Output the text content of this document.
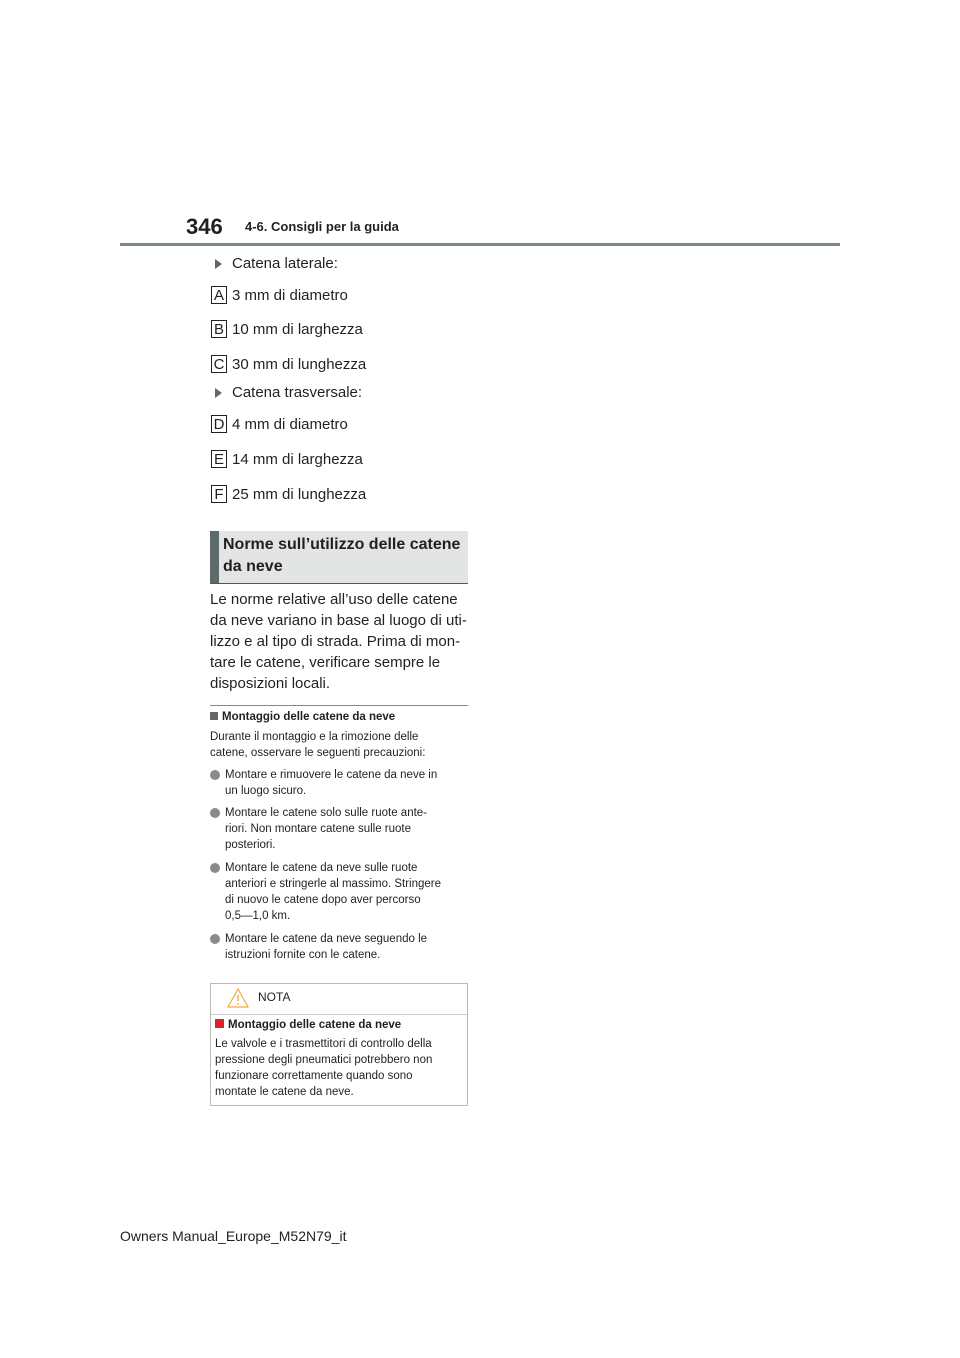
346 4-6. Consigli per la guida
Catena laterale:
A 3 mm di diametro
B 10 mm di larghezza
C 30 mm di lunghezza
Catena trasversale:
D 4 mm di diametro
E 14 mm di larghezza
F 25 mm di lunghezza
Norme sull’utilizzo delle catene
da neve
Le norme relative all’uso delle catene
da neve variano in base al luogo di uti-
lizzo e al tipo di strada. Prima di mon-
tare le catene, verificare sempre le
disposizioni locali.
Montaggio delle catene da neve
Durante il montaggio e la rimozione delle
catene, osservare le seguenti precauzioni:
Montare e rimuovere le catene da neve in
un luogo sicuro.
Montare le catene solo sulle ruote ante-
riori. Non montare catene sulle ruote
posteriori.
Montare le catene da neve sulle ruote
anteriori e stringerle al massimo. Stringere
di nuovo le catene dopo aver percorso
0,5—1,0 km.
Montare le catene da neve seguendo le
istruzioni fornite con le catene.
NOTA
Montaggio delle catene da neve
Le valvole e i trasmettitori di controllo della
pressione degli pneumatici potrebbero non
funzionare correttamente quando sono
montate le catene da neve.
Owners Manual_Europe_M52N79_it
